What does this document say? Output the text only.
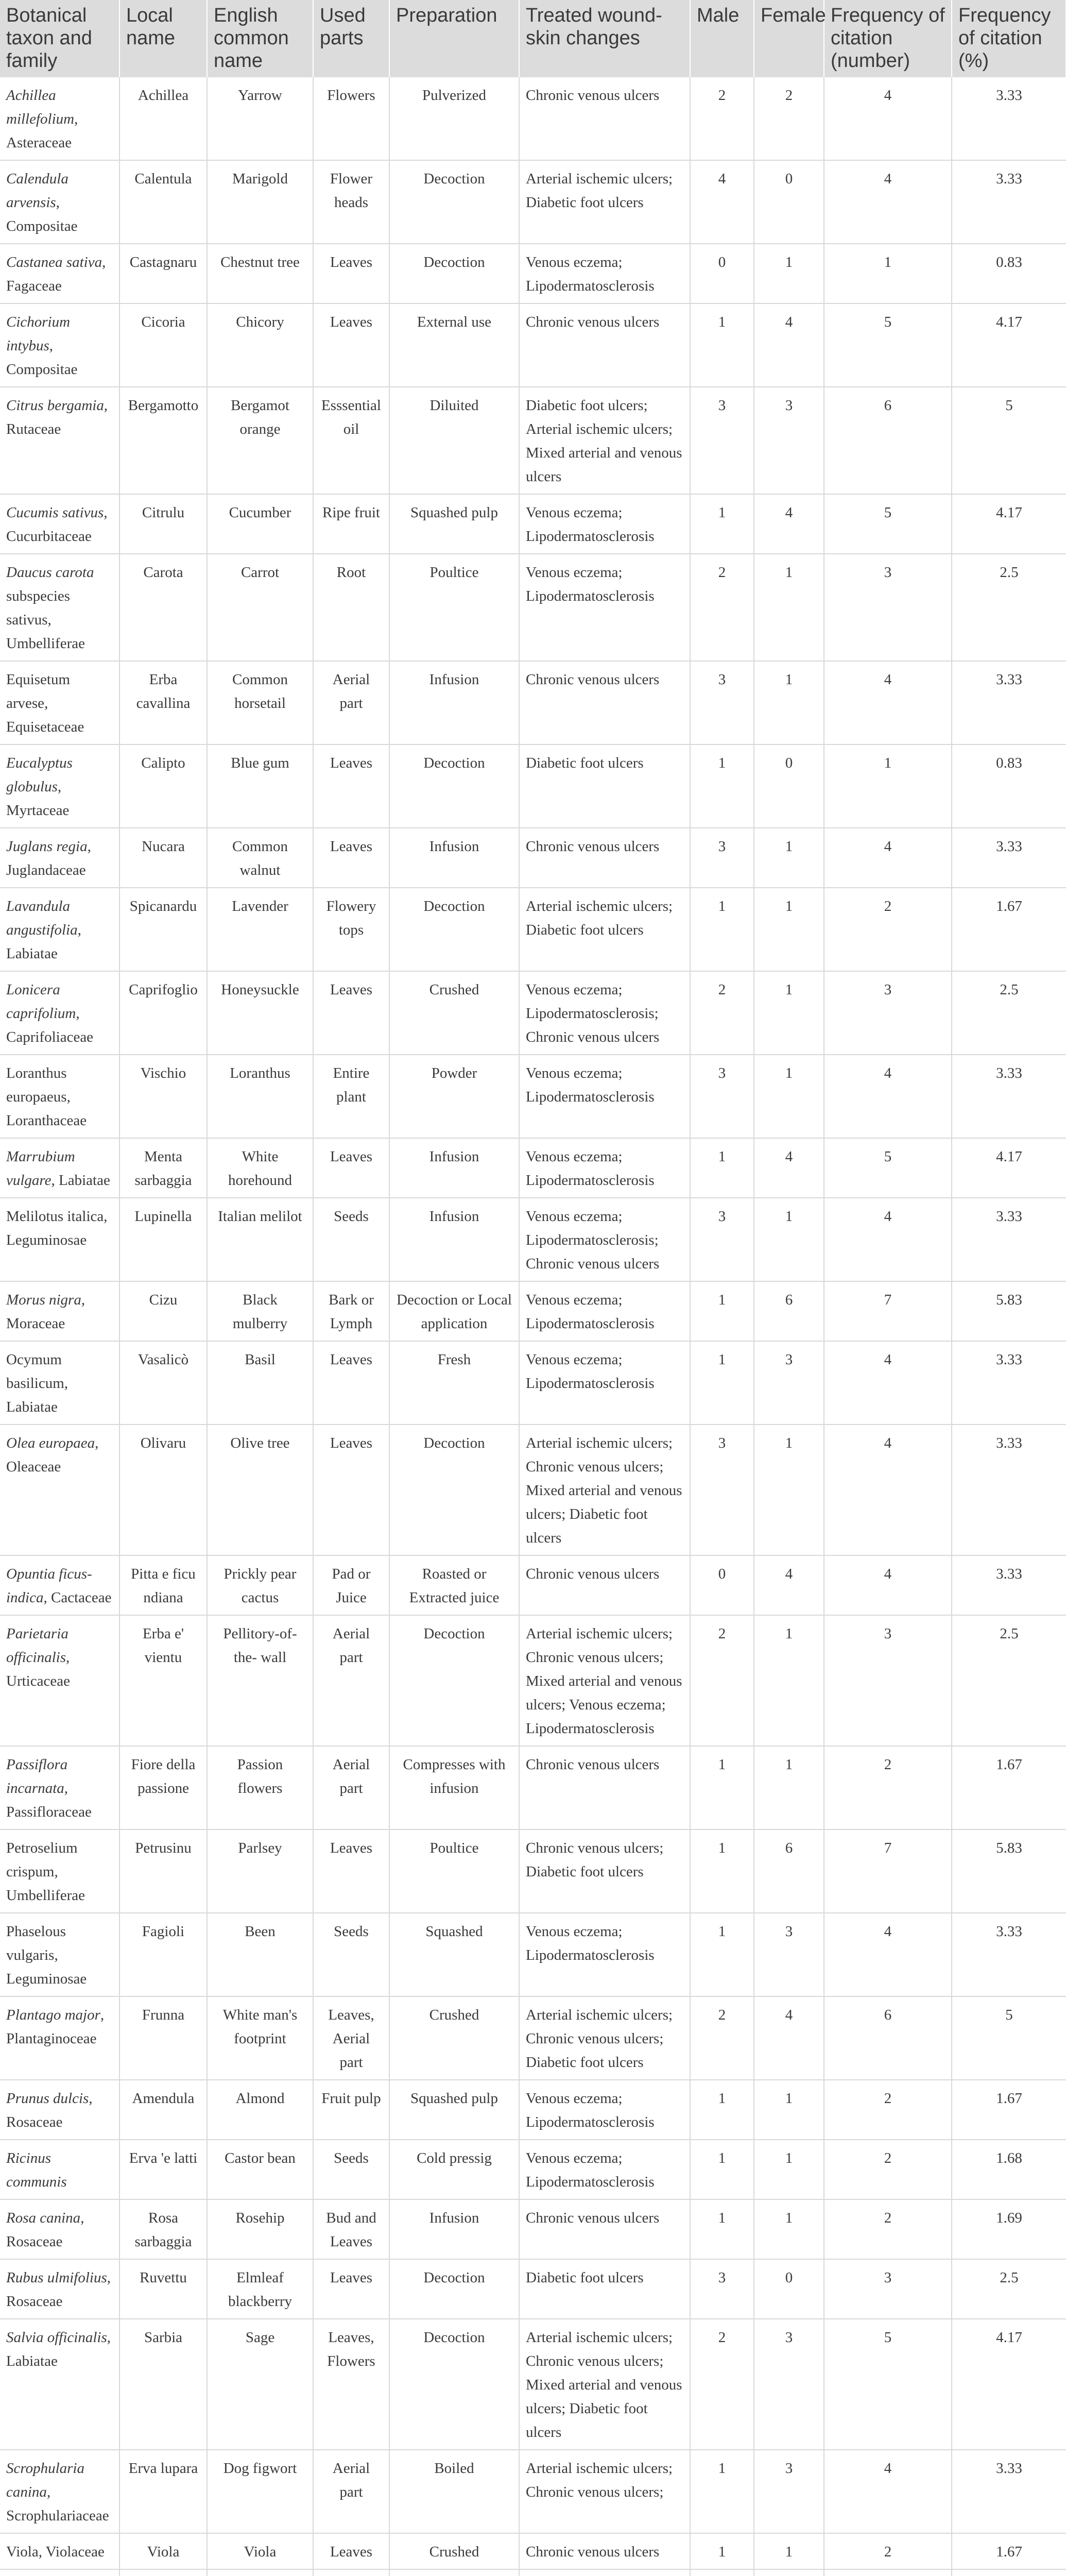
Botanical taxon and family	Local name	English common name	Used parts	Preparation	Treated wound-skin changes	Male	Female	Frequency of citation (number)	Frequency of citation (%)
Achillea millefolium, Asteraceae	Achillea	Yarrow	Flowers	Pulverized	Chronic venous ulcers	2	2	4	3.33
Calendula arvensis, Compositae	Calentula	Marigold	Flower heads	Decoction	Arterial ischemic ulcers; Diabetic foot ulcers	4	0	4	3.33
Castanea sativa, Fagaceae	Castagnaru	Chestnut tree	Leaves	Decoction	Venous eczema; Lipodermatosclerosis	0	1	1	0.83
Cichorium intybus, Compositae	Cicoria	Chicory	Leaves	External use	Chronic venous ulcers	1	4	5	4.17
Citrus bergamia, Rutaceae	Bergamotto	Bergamot orange	Esssential oil	Diluited	Diabetic foot ulcers; Arterial ischemic ulcers; Mixed arterial and venous ulcers	3	3	6	5
Cucumis sativus, Cucurbitaceae	Citrulu	Cucumber	Ripe fruit	Squashed pulp	Venous eczema; Lipodermatosclerosis	1	4	5	4.17
Daucus carota subspecies sativus, Umbelliferae	Carota	Carrot	Root	Poultice	Venous eczema; Lipodermatosclerosis	2	1	3	2.5
Equisetum arvese, Equisetaceae	Erba cavallina	Common horsetail	Aerial part	Infusion	Chronic venous ulcers	3	1	4	3.33
Eucalyptus globulus, Myrtaceae	Calipto	Blue gum	Leaves	Decoction	Diabetic foot ulcers	1	0	1	0.83
Juglans regia, Juglandaceae	Nucara	Common walnut	Leaves	Infusion	Chronic venous ulcers	3	1	4	3.33
Lavandula angustifolia, Labiatae	Spicanardu	Lavender	Flowery tops	Decoction	Arterial ischemic ulcers; Diabetic foot ulcers	1	1	2	1.67
Lonicera caprifolium, Caprifoliaceae	Caprifoglio	Honeysuckle	Leaves	Crushed	Venous eczema; Lipodermatosclerosis; Chronic venous ulcers	2	1	3	2.5
Loranthus europaeus, Loranthaceae	Vischio	Loranthus	Entire plant	Powder	Venous eczema; Lipodermatosclerosis	3	1	4	3.33
Marrubium vulgare, Labiatae	Menta sarbaggia	White horehound	Leaves	Infusion	Venous eczema; Lipodermatosclerosis	1	4	5	4.17
Melilotus italica, Leguminosae	Lupinella	Italian melilot	Seeds	Infusion	Venous eczema; Lipodermatosclerosis; Chronic venous ulcers	3	1	4	3.33
Morus nigra, Moraceae	Cizu	Black mulberry	Bark or Lymph	Decoction or Local application	Venous eczema; Lipodermatosclerosis	1	6	7	5.83
Ocymum basilicum, Labiatae	Vasalicò	Basil	Leaves	Fresh	Venous eczema; Lipodermatosclerosis	1	3	4	3.33
Olea europaea, Oleaceae	Olivaru	Olive tree	Leaves	Decoction	Arterial ischemic ulcers; Chronic venous ulcers; Mixed arterial and venous ulcers; Diabetic foot ulcers	3	1	4	3.33
Opuntia ficus-indica, Cactaceae	Pitta e ficu ndiana	Prickly pear cactus	Pad or Juice	Roasted or Extracted juice	Chronic venous ulcers	0	4	4	3.33
Parietaria officinalis, Urticaceae	Erba e' vientu	Pellitory-of-the- wall	Aerial part	Decoction	Arterial ischemic ulcers; Chronic venous ulcers; Mixed arterial and venous ulcers; Venous eczema; Lipodermatosclerosis	2	1	3	2.5
Passiflora incarnata, Passifloraceae	Fiore della passione	Passion flowers	Aerial part	Compresses with infusion	Chronic venous ulcers	1	1	2	1.67
Petroselium crispum, Umbelliferae	Petrusinu	Parlsey	Leaves	Poultice	Chronic venous ulcers; Diabetic foot ulcers	1	6	7	5.83
Phaselous vulgaris, Leguminosae	Fagioli	Been	Seeds	Squashed	Venous eczema; Lipodermatosclerosis	1	3	4	3.33
Plantago major, Plantaginoceae	Frunna	White man's footprint	Leaves, Aerial part	Crushed	Arterial ischemic ulcers; Chronic venous ulcers; Diabetic foot ulcers	2	4	6	5
Prunus dulcis, Rosaceae	Amendula	Almond	Fruit pulp	Squashed pulp	Venous eczema; Lipodermatosclerosis	1	1	2	1.67
Ricinus communis	Erva 'e latti	Castor bean	Seeds	Cold pressig	Venous eczema; Lipodermatosclerosis	1	1	2	1.68
Rosa canina, Rosaceae	Rosa sarbaggia	Rosehip	Bud and Leaves	Infusion	Chronic venous ulcers	1	1	2	1.69
Rubus ulmifolius, Rosaceae	Ruvettu	Elmleaf blackberry	Leaves	Decoction	Diabetic foot ulcers	3	0	3	2.5
Salvia officinalis, Labiatae	Sarbia	Sage	Leaves, Flowers	Decoction	Arterial ischemic ulcers; Chronic venous ulcers; Mixed arterial and venous ulcers; Diabetic foot ulcers	2	3	5	4.17
Scrophularia canina, Scrophulariaceae	Erva lupara	Dog figwort	Aerial part	Boiled	Arterial ischemic ulcers; Chronic venous ulcers;	1	3	4	3.33
Viola, Violaceae	Viola	Viola	Leaves	Crushed	Chronic venous ulcers	1	1	2	1.67
